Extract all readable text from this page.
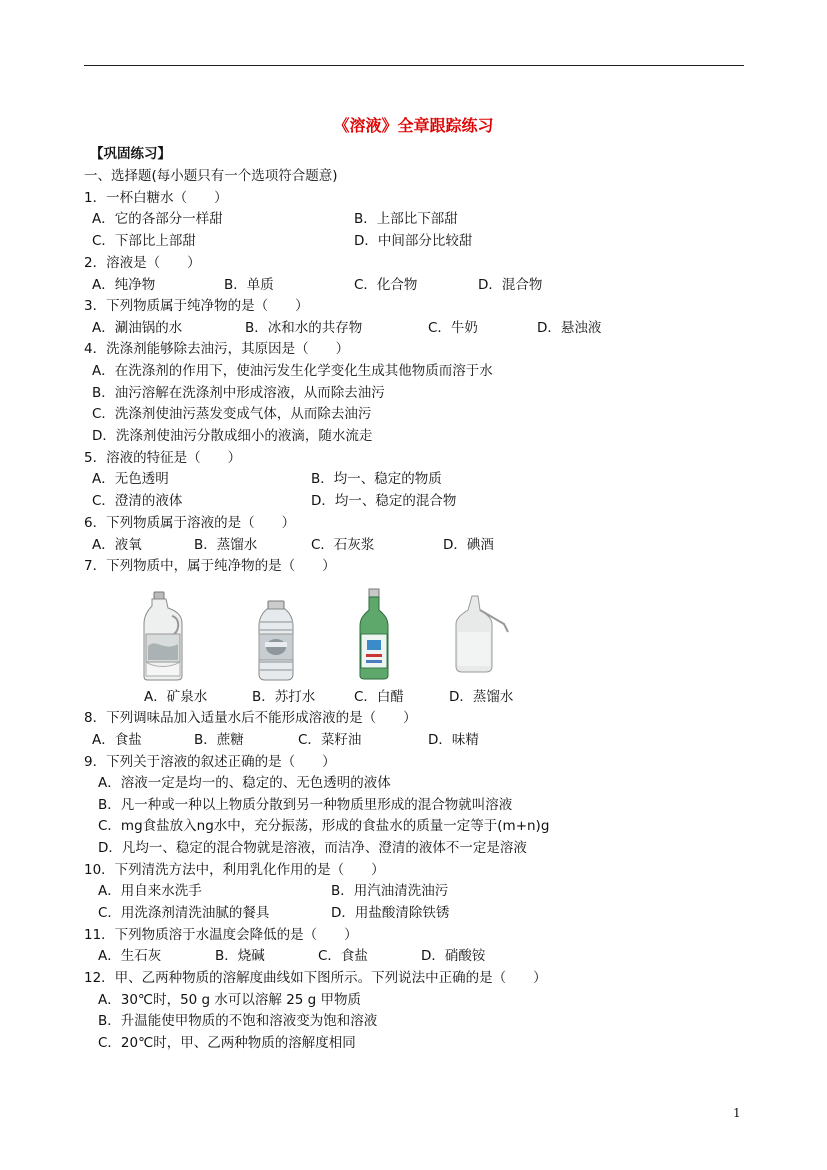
《溶液》全章跟踪练习
【巩固练习】
一、选择题(每小题只有一个选项符合题意)
1．一杯白糖水（　　）
A．它的各部分一样甜	B．上部比下部甜
C．下部比上部甜	D．中间部分比较甜
2．溶液是（　　）
A．纯净物	B．单质	C．化合物	D．混合物
3．下列物质属于纯净物的是（　　）
A．涮油锅的水	B．冰和水的共存物	C．牛奶	D．悬浊液
4．洗涤剂能够除去油污，其原因是（　　）
A．在洗涤剂的作用下，使油污发生化学变化生成其他物质而溶于水
B．油污溶解在洗涤剂中形成溶液，从而除去油污
C．洗涤剂使油污蒸发变成气体，从而除去油污
D．洗涤剂使油污分散成细小的液滴，随水流走
5．溶液的特征是（　　）
A．无色透明	B．均一、稳定的物质
C．澄清的液体	D．均一、稳定的混合物
6．下列物质属于溶液的是（　　）
A．液氧	B．蒸馏水	C．石灰浆	D．碘酒
7．下列物质中，属于纯净物的是（　　）
A．矿泉水	B．苏打水	C．白醋	D．蒸馏水
8．下列调味品加入适量水后不能形成溶液的是（　　）
A．食盐	B．蔗糖	C．菜籽油	D．味精
9．下列关于溶液的叙述正确的是（　　）
A．溶液一定是均一的、稳定的、无色透明的液体
B．凡一种或一种以上物质分散到另一种物质里形成的混合物就叫溶液
C．mg食盐放入ng水中，充分振荡，形成的食盐水的质量一定等于(m+n)g
D．凡均一、稳定的混合物就是溶液，而洁净、澄清的液体不一定是溶液
10．下列清洗方法中，利用乳化作用的是（　　）
A．用自来水洗手	B．用汽油清洗油污
C．用洗涤剂清洗油腻的餐具	D．用盐酸清除铁锈
11．下列物质溶于水温度会降低的是（　　）
A．生石灰	B．烧碱	C．食盐	D．硝酸铵
12．甲、乙两种物质的溶解度曲线如下图所示。下列说法中正确的是（　　）
A．30℃时，50 g 水可以溶解 25 g 甲物质
B．升温能使甲物质的不饱和溶液变为饱和溶液
C．20℃时，甲、乙两种物质的溶解度相同
1
